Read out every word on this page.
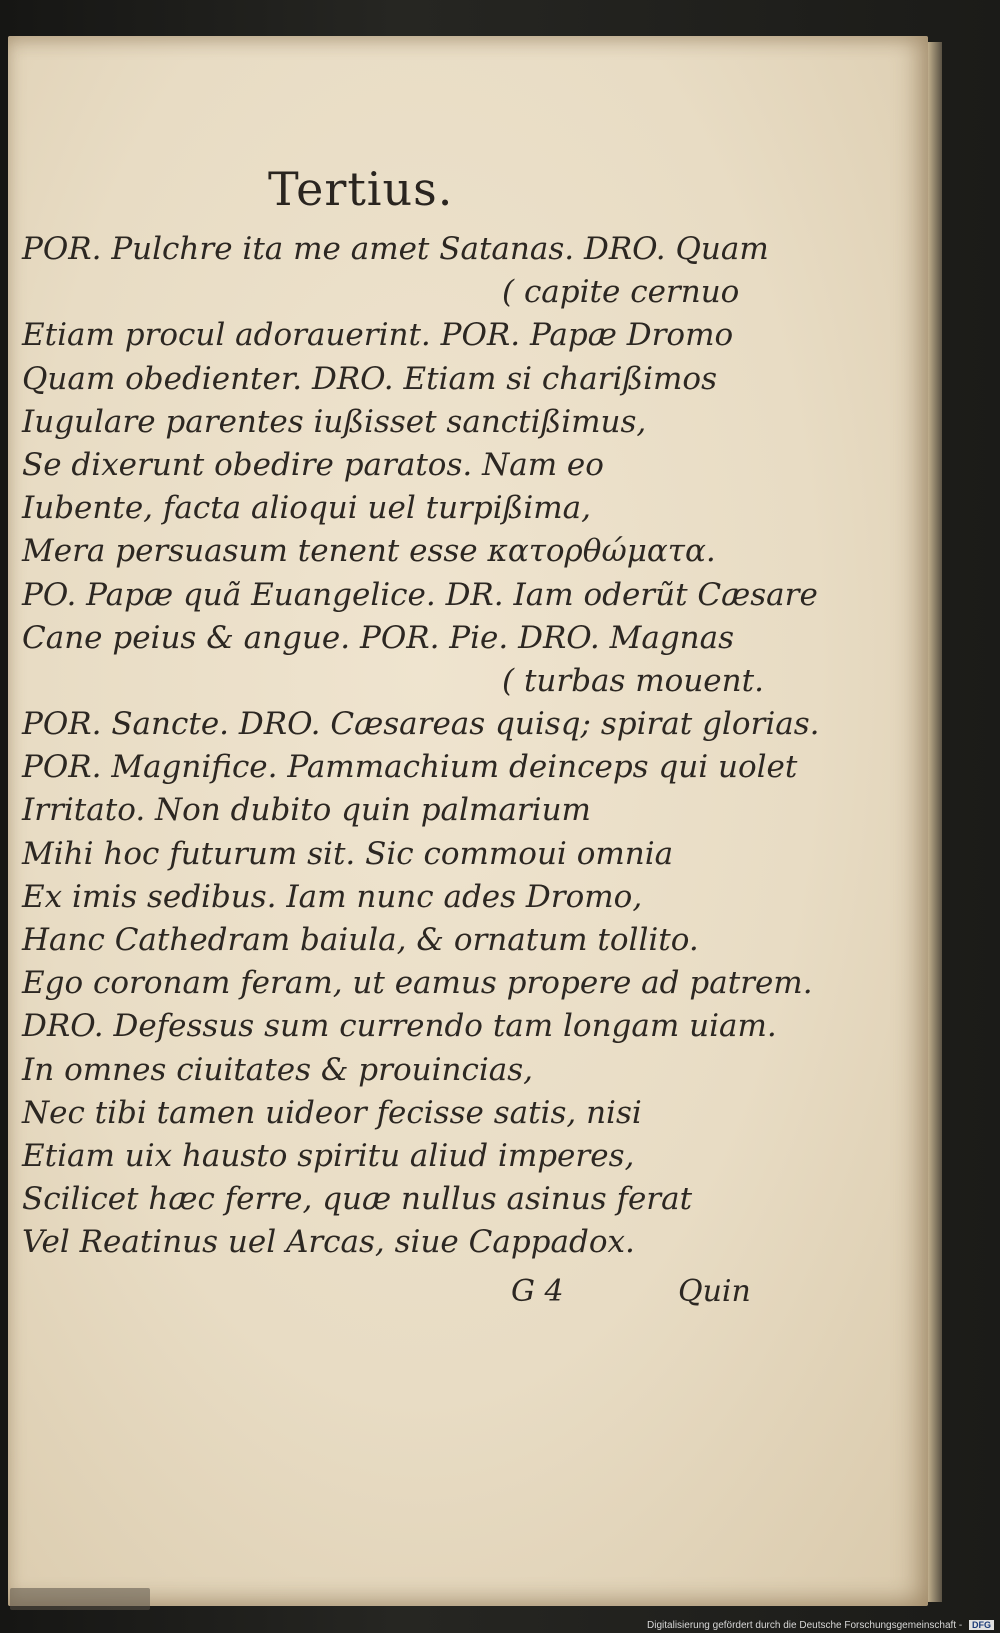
Tertius.
POR. Pulchre ita me amet Satanas. DRO. Quam
( capite cernuo
Etiam procul adorauerint. POR. Papæ Dromo
Quam obedienter. DRO. Etiam si charißimos
Iugulare parentes iußisset sanctißimus,
Se dixerunt obedire paratos. Nam eo
Iubente, facta alioqui uel turpißima,
Mera persuasum tenent esse κατορθώματα.
PO. Papæ quã Euangelice. DR. Iam oderũt Cæsare
Cane peius & angue. POR. Pie. DRO. Magnas
( turbas mouent.
POR. Sancte. DRO. Cæsareas quisq; spirat glorias.
POR. Magnifice. Pammachium deinceps qui uolet
Irritato. Non dubito quin palmarium
Mihi hoc futurum sit. Sic commoui omnia
Ex imis sedibus. Iam nunc ades Dromo,
Hanc Cathedram baiula, & ornatum tollito.
Ego coronam feram, ut eamus propere ad patrem.
DRO. Defessus sum currendo tam longam uiam.
In omnes ciuitates & prouincias,
Nec tibi tamen uideor fecisse satis, nisi
Etiam uix hausto spiritu aliud imperes,
Scilicet hæc ferre, quæ nullus asinus ferat
Vel Reatinus uel Arcas, siue Cappadox.
G 4	Quin
Digitalisierung gefördert durch die Deutsche Forschungsgemeinschaft - DFG
